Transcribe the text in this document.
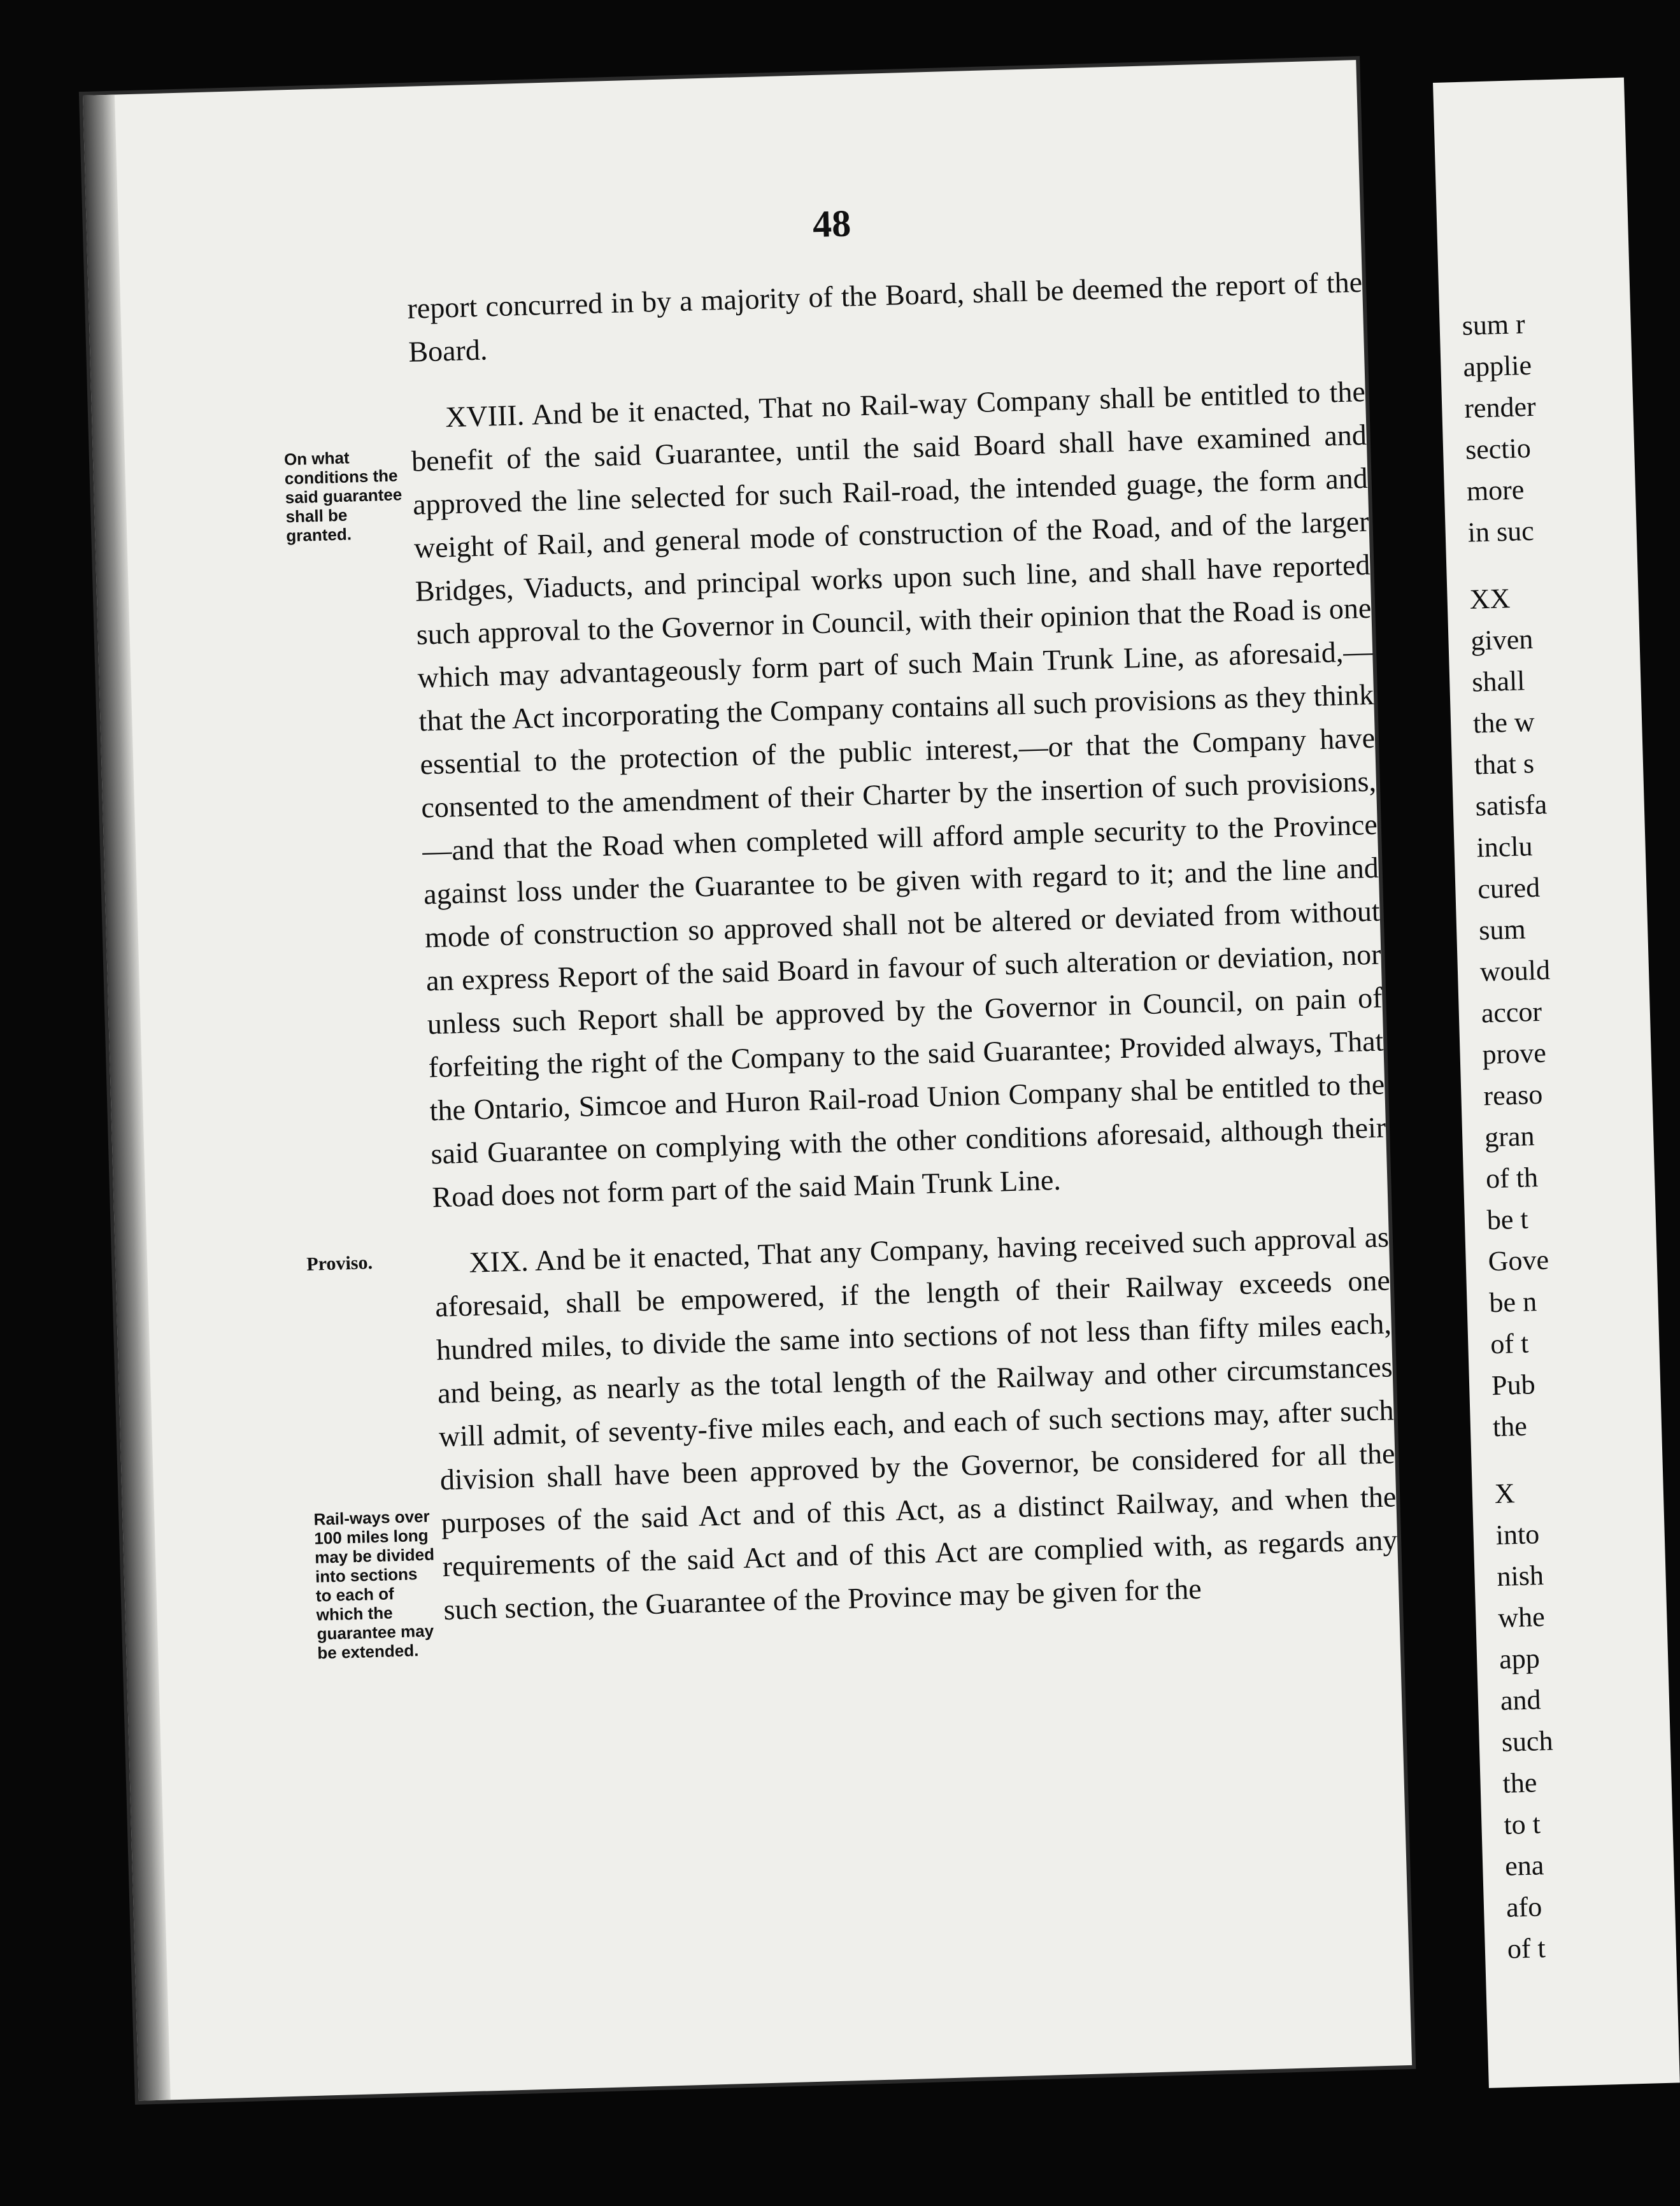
48
On what conditions the said guarantee shall be granted.
Proviso.
Rail-ways over 100 miles long may be divided into sections to each of which the guarantee may be extended.

report concurred in by a majority of the Board, shall be deemed the report of the Board.

XVIII. And be it enacted, That no Rail-way Company shall be entitled to the benefit of the said Guarantee, until the said Board shall have examined and approved the line selected for such Rail-road, the intended guage, the form and weight of Rail, and general mode of construction of the Road, and of the larger Bridges, Viaducts, and principal works upon such line, and shall have reported such approval to the Governor in Council, with their opinion that the Road is one which may advantageously form part of such Main Trunk Line, as aforesaid,—that the Act incorporating the Company contains all such provisions as they think essential to the protection of the public interest,—or that the Company have consented to the amendment of their Charter by the insertion of such provisions,—and that the Road when completed will afford ample security to the Province against loss under the Guarantee to be given with regard to it; and the line and mode of construction so approved shall not be altered or deviated from without an express Report of the said Board in favour of such alteration or deviation, nor unless such Report shall be approved by the Governor in Council, on pain of forfeiting the right of the Company to the said Guarantee; Provided always, That the Ontario, Simcoe and Huron Rail-road Union Company shal be entitled to the said Guarantee on complying with the other conditions aforesaid, although their Road does not form part of the said Main Trunk Line.

XIX. And be it enacted, That any Company, having received such approval as aforesaid, shall be empowered, if the length of their Railway exceeds one hundred miles, to divide the same into sections of not less than fifty miles each, and being, as nearly as the total length of the Railway and other circumstances will admit, of seventy-five miles each, and each of such sections may, after such division shall have been approved by the Governor, be considered for all the purposes of the said Act and of this Act, as a distinct Railway, and when the requirements of the said Act and of this Act are complied with, as regards any such section, the Guarantee of the Province may be given for the

sum r
applie
render
sectio
more
in suc
XX
given
shall
the w
that s
satisfa
inclu
cured
sum
would
accor
prove
reaso
gran
of th
be t
Gove
be n
of t
Pub
the
X
into
nish
whe
app
and
such
the
to t
ena
afo
of t
